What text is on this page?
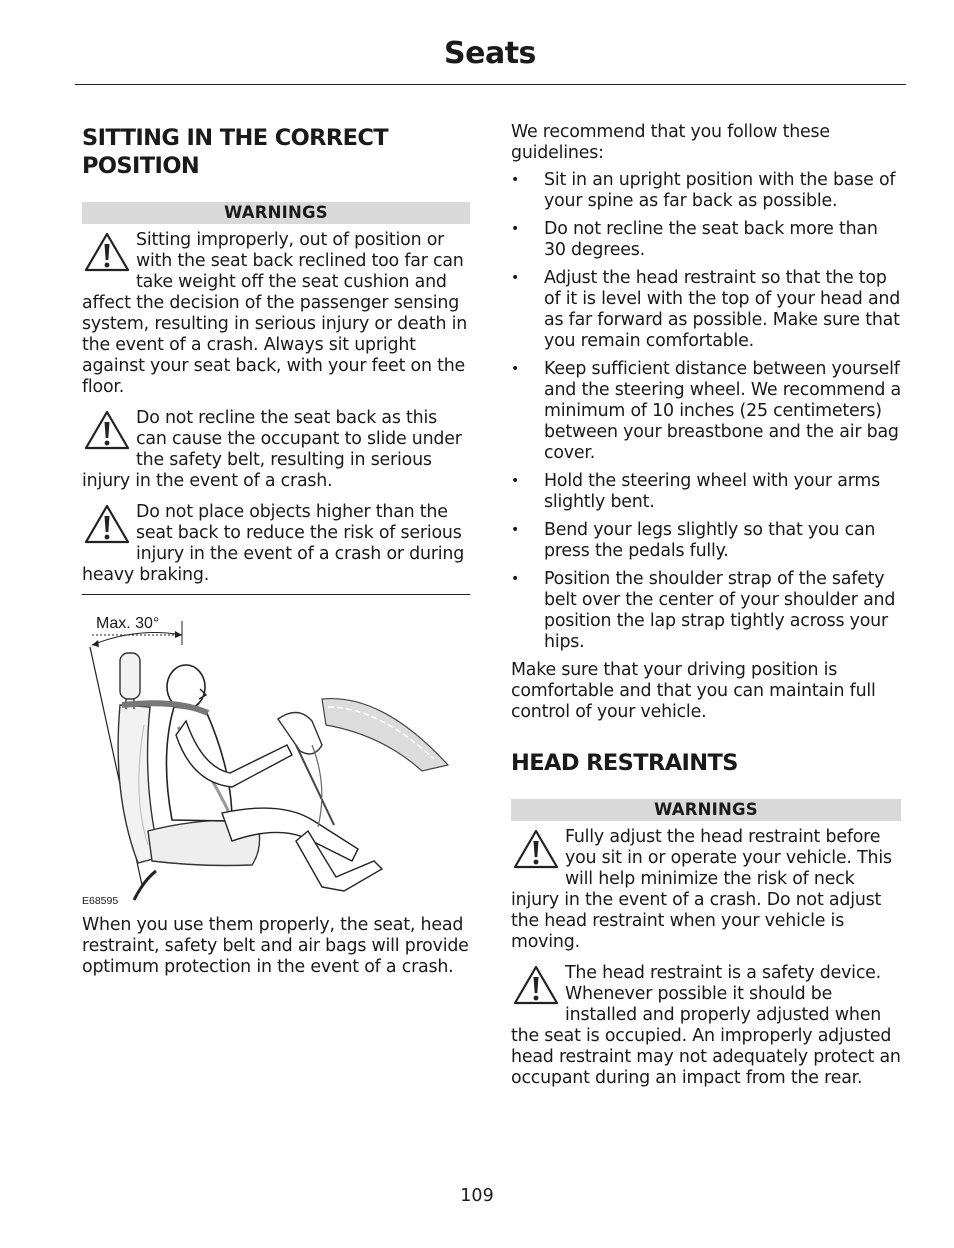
Seats
SITTING IN THE CORRECT POSITION
WARNINGS
Sitting improperly, out of position or with the seat back reclined too far can take weight off the seat cushion and affect the decision of the passenger sensing system, resulting in serious injury or death in the event of a crash. Always sit upright against your seat back, with your feet on the floor.
Do not recline the seat back as this can cause the occupant to slide under the safety belt, resulting in serious injury in the event of a crash.
Do not place objects higher than the seat back to reduce the risk of serious injury in the event of a crash or during heavy braking.
Max. 30°
E68595

When you use them properly, the seat, head restraint, safety belt and air bags will provide optimum protection in the event of a crash.

We recommend that you follow these guidelines:

• Sit in an upright position with the base of your spine as far back as possible.
• Do not recline the seat back more than 30 degrees.
• Adjust the head restraint so that the top of it is level with the top of your head and as far forward as possible. Make sure that you remain comfortable.
• Keep sufficient distance between yourself and the steering wheel. We recommend a minimum of 10 inches (25 centimeters) between your breastbone and the air bag cover.
• Hold the steering wheel with your arms slightly bent.
• Bend your legs slightly so that you can press the pedals fully.
• Position the shoulder strap of the safety belt over the center of your shoulder and position the lap strap tightly across your hips.

Make sure that your driving position is comfortable and that you can maintain full control of your vehicle.

HEAD RESTRAINTS
WARNINGS
Fully adjust the head restraint before you sit in or operate your vehicle. This will help minimize the risk of neck injury in the event of a crash. Do not adjust the head restraint when your vehicle is moving.
The head restraint is a safety device. Whenever possible it should be installed and properly adjusted when the seat is occupied. An improperly adjusted head restraint may not adequately protect an occupant during an impact from the rear.
109
